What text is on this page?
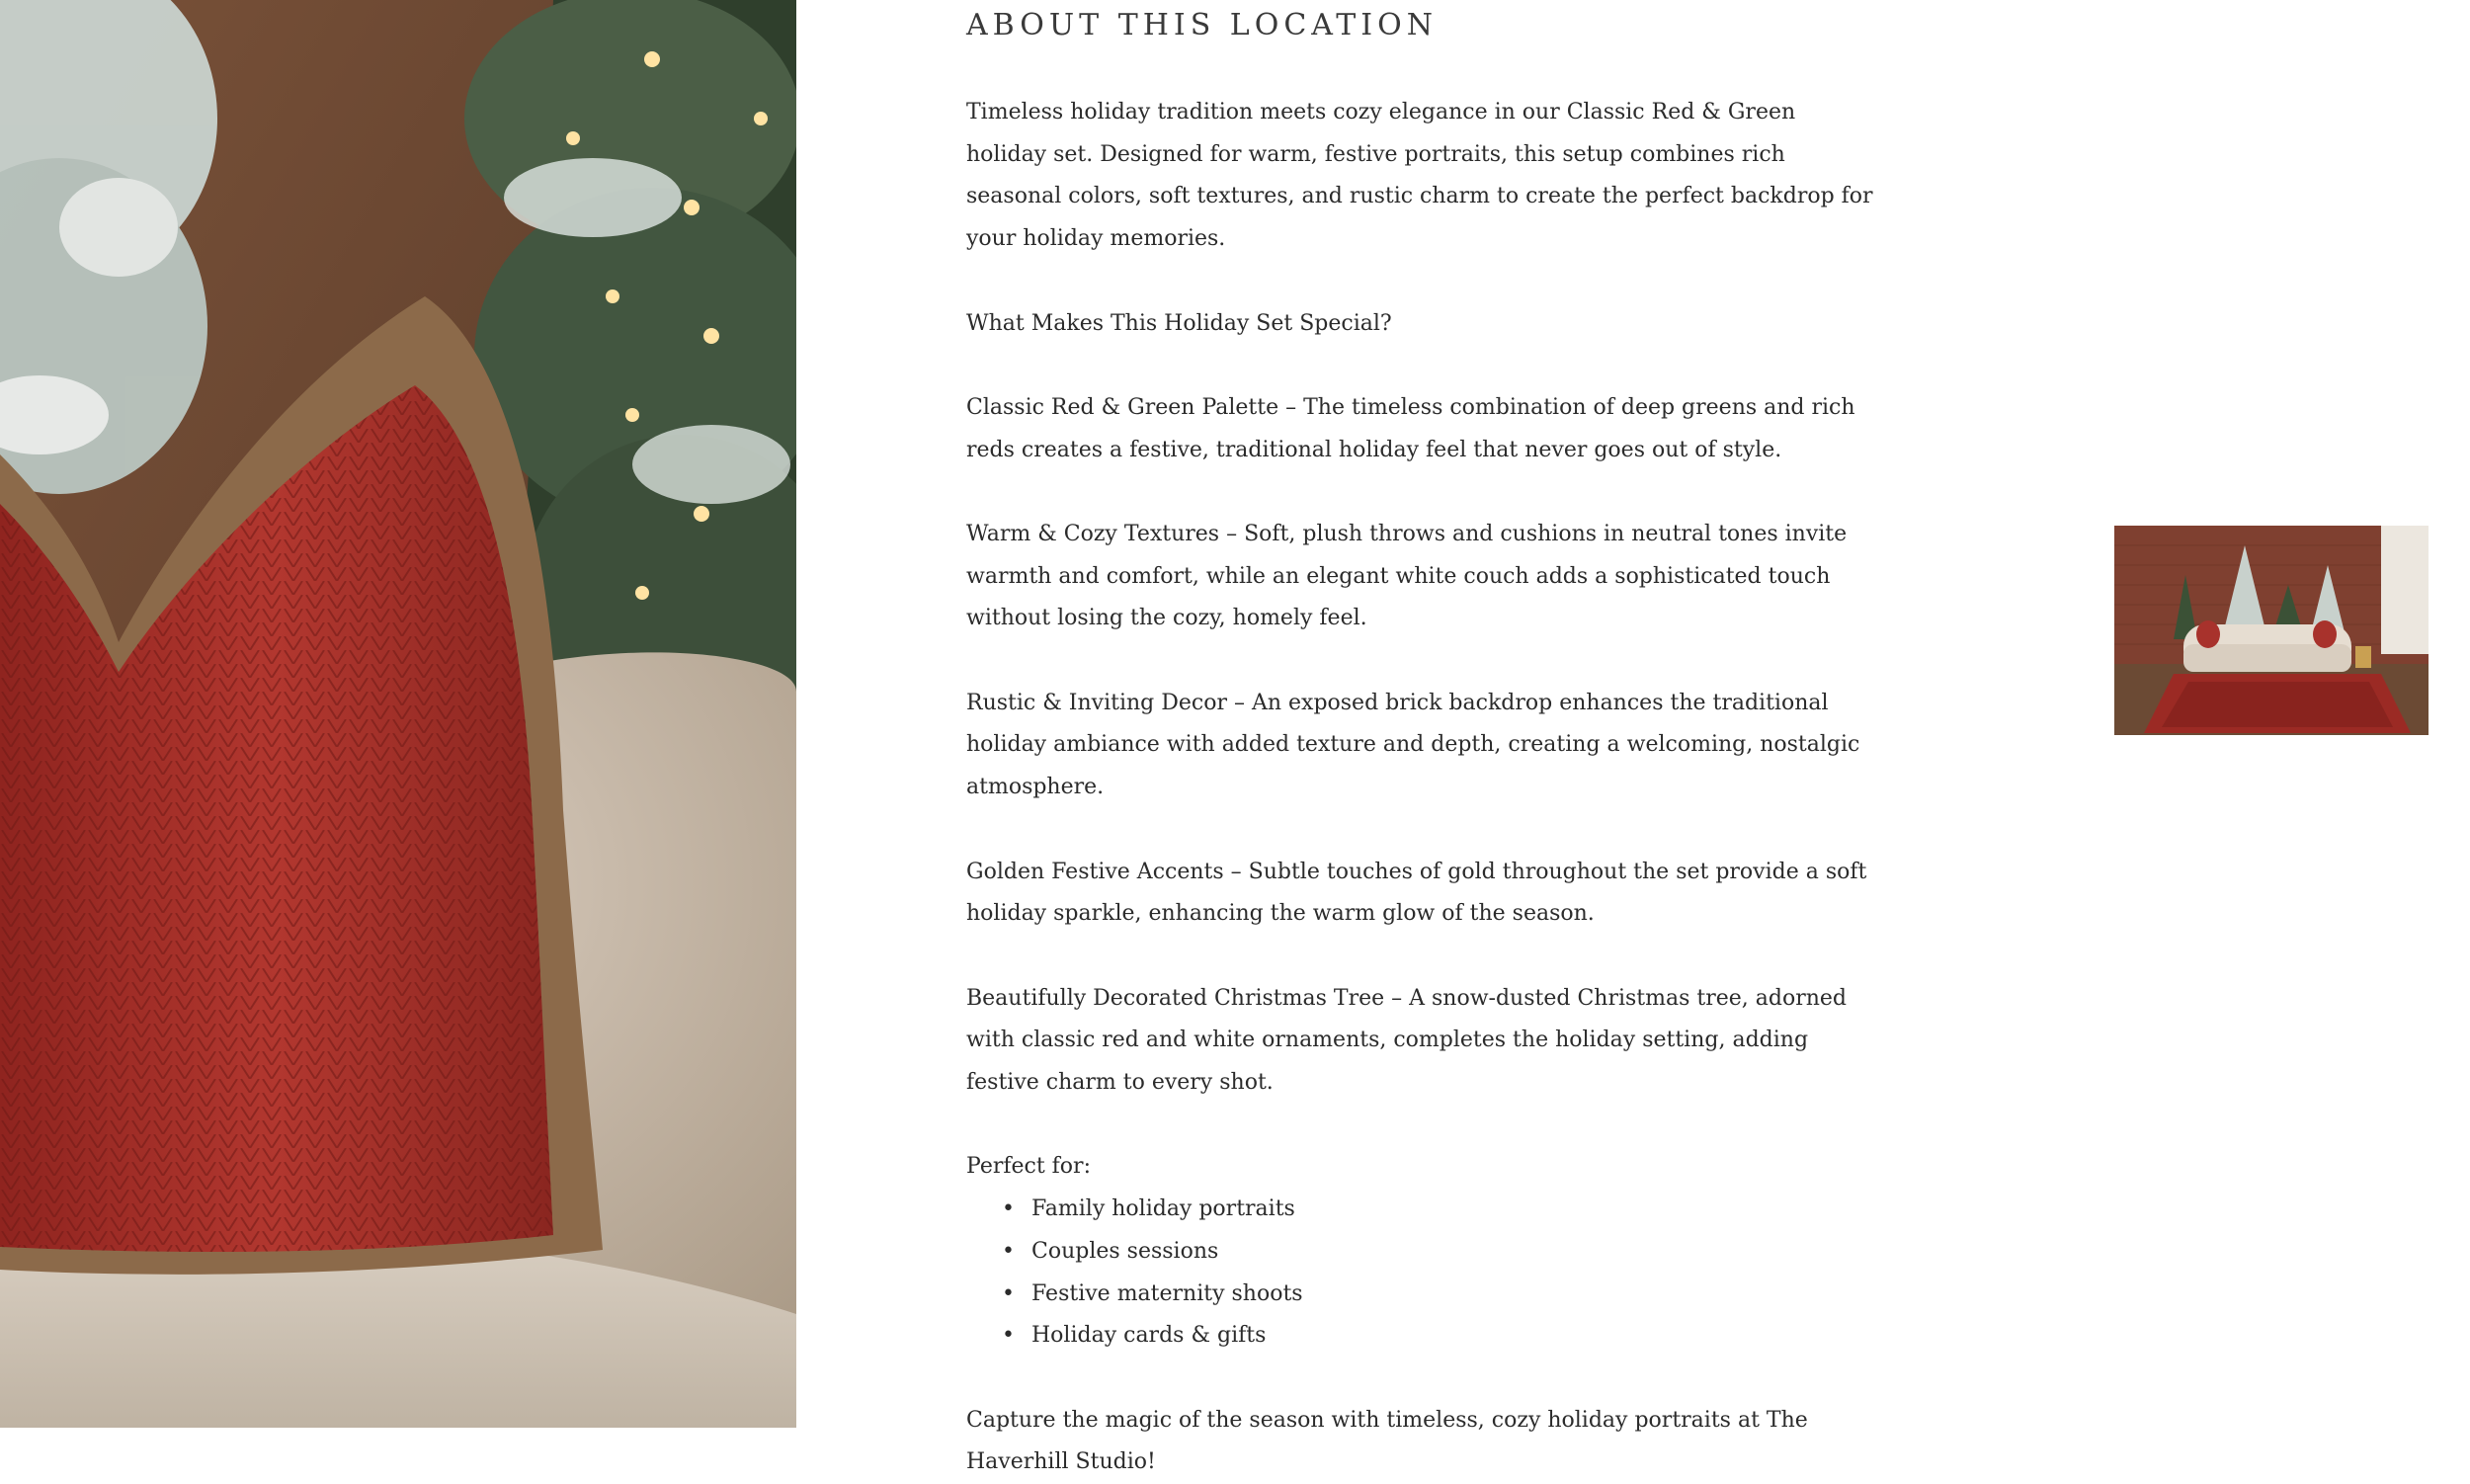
ABOUT THIS LOCATION

Timeless holiday tradition meets cozy elegance in our Classic Red & Green holiday set. Designed for warm, festive portraits, this setup combines rich seasonal colors, soft textures, and rustic charm to create the perfect backdrop for your holiday memories.

What Makes This Holiday Set Special?

Classic Red & Green Palette – The timeless combination of deep greens and rich reds creates a festive, traditional holiday feel that never goes out of style.

Warm & Cozy Textures – Soft, plush throws and cushions in neutral tones invite warmth and comfort, while an elegant white couch adds a sophisticated touch without losing the cozy, homely feel.

Rustic & Inviting Decor – An exposed brick backdrop enhances the traditional holiday ambiance with added texture and depth, creating a welcoming, nostalgic atmosphere.

Golden Festive Accents – Subtle touches of gold throughout the set provide a soft holiday sparkle, enhancing the warm glow of the season.

Beautifully Decorated Christmas Tree – A snow-dusted Christmas tree, adorned with classic red and white ornaments, completes the holiday setting, adding festive charm to every shot.

Perfect for:

• Family holiday portraits
• Couples sessions
• Festive maternity shoots
• Holiday cards & gifts

Capture the magic of the season with timeless, cozy holiday portraits at The Haverhill Studio!
